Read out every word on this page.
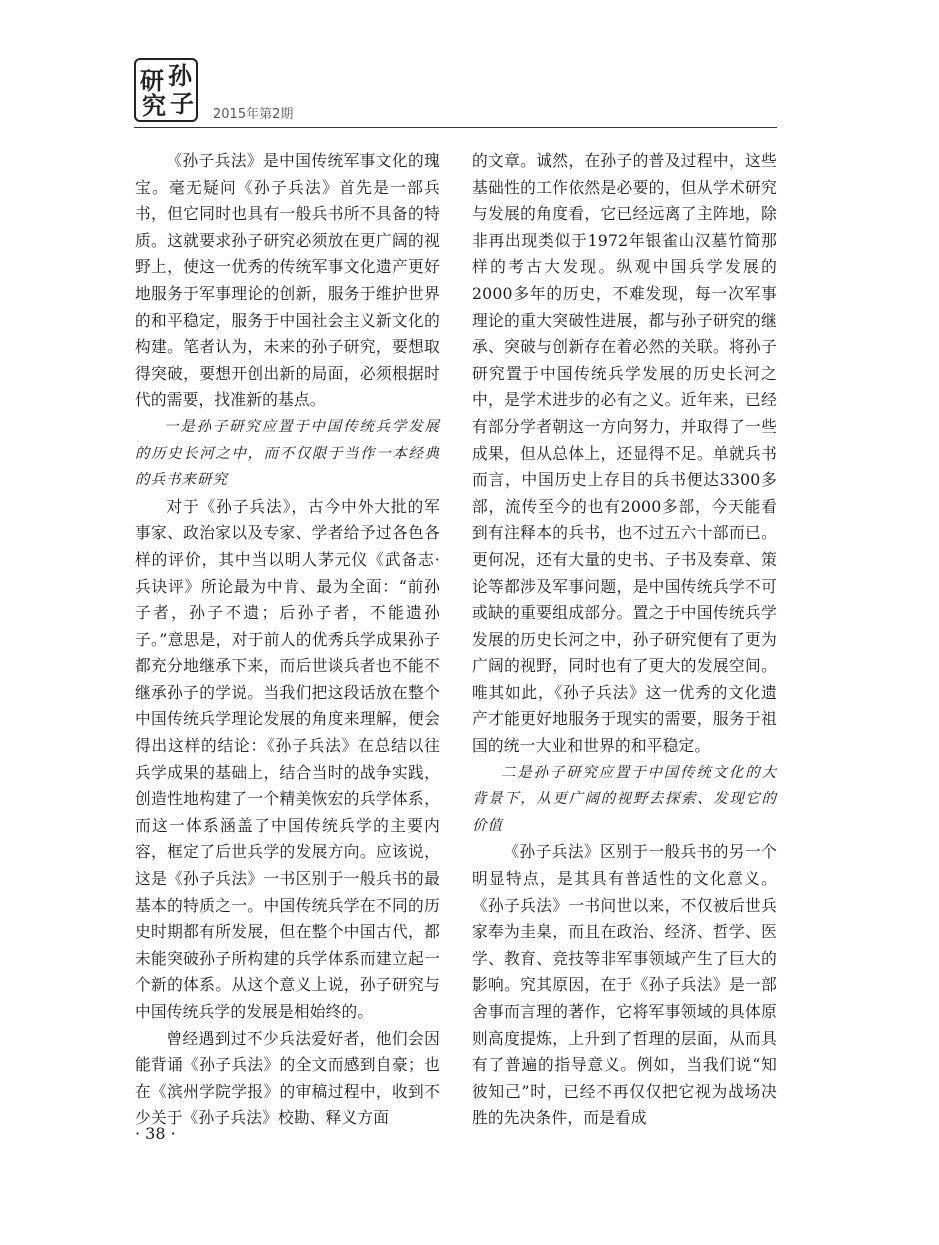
研 孙
究 子 2015年第2期

《孙子兵法》是中国传统军事文化的瑰宝。毫无疑问《孙子兵法》首先是一部兵书，但它同时也具有一般兵书所不具备的特质。这就要求孙子研究必须放在更广阔的视野上，使这一优秀的传统军事文化遗产更好地服务于军事理论的创新，服务于维护世界的和平稳定，服务于中国社会主义新文化的构建。笔者认为，未来的孙子研究，要想取得突破，要想开创出新的局面，必须根据时代的需要，找准新的基点。

一是孙子研究应置于中国传统兵学发展的历史长河之中，而不仅限于当作一本经典的兵书来研究

对于《孙子兵法》，古今中外大批的军事家、政治家以及专家、学者给予过各色各样的评价，其中当以明人茅元仪《武备志·兵诀评》所论最为中肯、最为全面：“前孙子者，孙子不遗；后孙子者，不能遗孙子。”意思是，对于前人的优秀兵学成果孙子都充分地继承下来，而后世谈兵者也不能不继承孙子的学说。当我们把这段话放在整个中国传统兵学理论发展的角度来理解，便会得出这样的结论：《孙子兵法》在总结以往兵学成果的基础上，结合当时的战争实践，创造性地构建了一个精美恢宏的兵学体系，而这一体系涵盖了中国传统兵学的主要内容，框定了后世兵学的发展方向。应该说，这是《孙子兵法》一书区别于一般兵书的最基本的特质之一。中国传统兵学在不同的历史时期都有所发展，但在整个中国古代，都未能突破孙子所构建的兵学体系而建立起一个新的体系。从这个意义上说，孙子研究与中国传统兵学的发展是相始终的。

曾经遇到过不少兵法爱好者，他们会因能背诵《孙子兵法》的全文而感到自豪；也在《滨州学院学报》的审稿过程中，收到不少关于《孙子兵法》校勘、释义方面

的文章。诚然，在孙子的普及过程中，这些基础性的工作依然是必要的，但从学术研究与发展的角度看，它已经远离了主阵地，除非再出现类似于1972年银雀山汉墓竹简那样的考古大发现。纵观中国兵学发展的2000多年的历史，不难发现，每一次军事理论的重大突破性进展，都与孙子研究的继承、突破与创新存在着必然的关联。将孙子研究置于中国传统兵学发展的历史长河之中，是学术进步的必有之义。近年来，已经有部分学者朝这一方向努力，并取得了一些成果，但从总体上，还显得不足。单就兵书而言，中国历史上存目的兵书便达3300多部，流传至今的也有2000多部，今天能看到有注释本的兵书，也不过五六十部而已。更何况，还有大量的史书、子书及奏章、策论等都涉及军事问题，是中国传统兵学不可或缺的重要组成部分。置之于中国传统兵学发展的历史长河之中，孙子研究便有了更为广阔的视野，同时也有了更大的发展空间。唯其如此，《孙子兵法》这一优秀的文化遗产才能更好地服务于现实的需要，服务于祖国的统一大业和世界的和平稳定。

二是孙子研究应置于中国传统文化的大背景下，从更广阔的视野去探索、发现它的价值

《孙子兵法》区别于一般兵书的另一个明显特点，是其具有普适性的文化意义。《孙子兵法》一书问世以来，不仅被后世兵家奉为圭臬，而且在政治、经济、哲学、医学、教育、竞技等非军事领域产生了巨大的影响。究其原因，在于《孙子兵法》是一部舍事而言理的著作，它将军事领域的具体原则高度提炼，上升到了哲理的层面，从而具有了普遍的指导意义。例如，当我们说“知彼知己”时，已经不再仅仅把它视为战场决胜的先决条件，而是看成

· 38 ·
